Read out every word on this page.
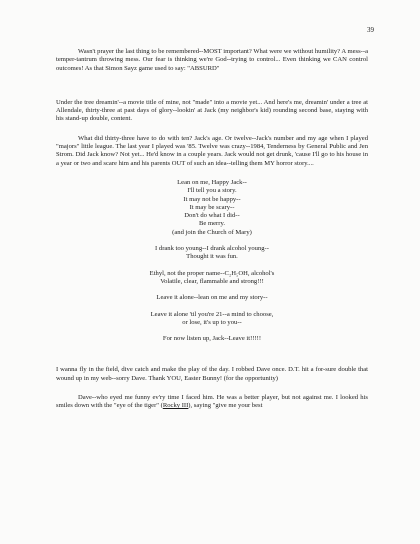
39

Wasn't prayer the last thing to be remembered--MOST important? What were we without humility? A mess--a temper-tantrum throwing mess. Our fear is thinking we're God--trying to control... Even thinking we CAN control outcomes! As that Simon Sayz game used to say: "ABSURD"

Under the tree dreamin'--a movie title of mine, not "made" into a movie yet... And here's me, dreamin' under a tree at Allendale, thirty-three at past days of glory--lookin' at Jack (my neighbor's kid) rounding second base, staying with his stand-up double, content.

What did thirty-three have to do with ten? Jack's age. Or twelve--Jack's number and my age when I played "majors" little league. The last year I played was '85. Twelve was crazy--1984, Tenderness by General Public and Jen Strom. Did Jack know? Not yet... He'd know in a couple years. Jack would not get drunk, 'cause I'll go to his house in a year or two and scare him and his parents OUT of such an idea--telling them MY horror story....

Lean on me, Happy Jack--
I'll tell you a story.
It may not be happy--
It may be scary--
Don't do what I did--
Be merry.
(and join the Church of Mary)
I drank too young--I drank alcohol young--
Thought it was fun.
Ethyl, not the proper name--C₂H₅OH, alcohol's
Volatile, clear, flammable and strong!!!
Leave it alone--lean on me and my story--
Leave it alone 'til you're 21--a mind to choose,
or lose, it's up to you--
For now listen up, Jack--Leave it!!!!!

I wanna fly in the field, dive catch and make the play of the day. I robbed Dave once. D.T. hit a for-sure double that wound up in my web--sorry Dave. Thank YOU, Easter Bunny! (for the opportunity)

Dave--who eyed me funny ev'ry time I faced him. He was a better player, but not against me. I looked his smiles down with the "eye of the tiger" (Rocky III), saying "give me your best
